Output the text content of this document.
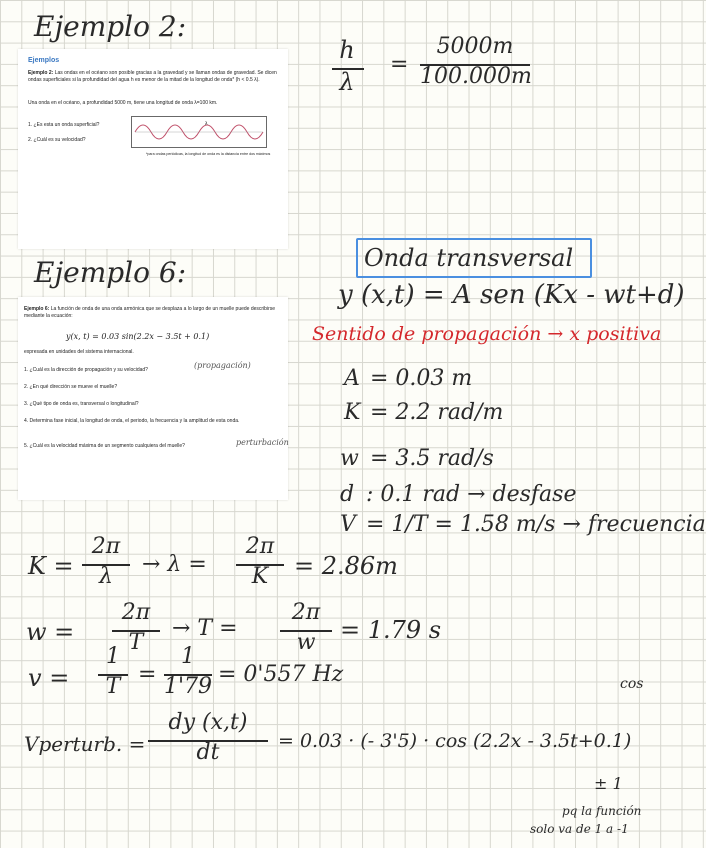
Ejemplo 2:
Ejemplo 6:

Ejemplos

Ejemplo 2: Las ondas en el océano son posible gracias a la gravedad y se llaman ondas de gravedad. Se dicen ondas superficiales si la profundidad del agua h es menor de la mitad de la longitud de onda* (h < 0.5 λ).

Una onda en el océano, a profundidad 5000 m, tiene una longitud de onda λ=100 km.

1. ¿Es esta un onda superficial?

2. ¿Cuál es su velocidad?

λ

*para ondas periódicas, la longitud de onda es la distancia entre dos máximos

Ejemplo 6: La función de onda de una onda armónica que se desplaza a lo largo de un muelle puede describirse mediante la ecuación:

y(x, t) = 0.03 sin(2.2x − 3.5t + 0.1)

expresada en unidades del sistema internacional.

1. ¿Cuál es la dirección de propagación y su velocidad?

2. ¿En qué dirección se mueve el muelle?

3. ¿Qué tipo de onda es, transversal o longitudinal?

4. Determina fase inicial, la longitud de onda, el periodo, la frecuencia y la amplitud de esta onda.

5. ¿Cuál es la velocidad máxima de un segmento cualquiera del muelle?

(propagación)
perturbación
h
λ
=
5000m
100.000m
Onda transversal
y (x,t) = A sen (Kx - wt+d)
Sentido de propagación → x positiva
A = 0.03 m
K = 2.2 rad/m
w = 3.5 rad/s
d : 0.1 rad → desfase
V = 1/T = 1.58 m/s → frecuencia
K =
2π
λ	→ λ =
2π
K	= 2.86m
w =
2π
T
→ T =
2π
w	= 1.79 s
v =
1
T =
1
1'79 = 0'557 Hz
Vperturb. =
dy (x,t)
dt	= 0.03 · (- 3'5) · cos (2.2x - 3.5t+0.1)
cos
± 1
pq la función
solo va de 1 a -1
